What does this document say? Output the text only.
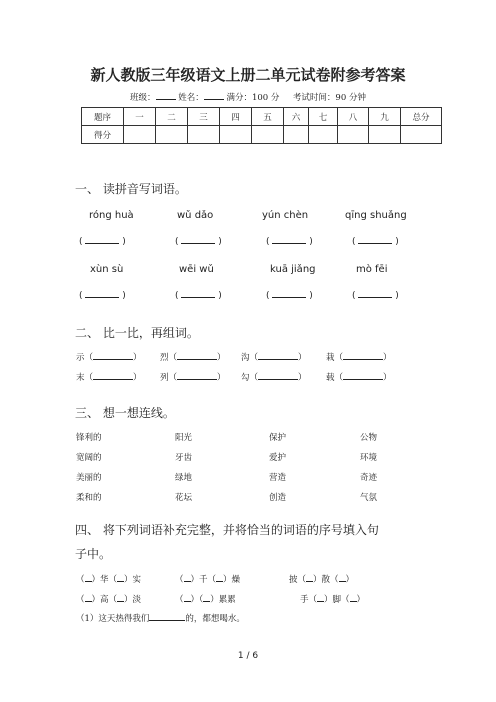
新人教版三年级语文上册二单元试卷附参考答案
班级：	姓名：	满分：100 分 考试时间：90 分钟
题序	一	二	三	四	五	六	七	八	九	总分
得分										
一、 读拼音写词语。
róng huà	wǔ dǎo	yún chèn	qīng shuǎng
(	)	(	)	(	)	(	)
xùn sù	wēi wǔ	kuā jiǎng	mò fēi
(	)	(	)	(	)	(	)
二、 比一比，再组词。
示（	） 烈（	） 沟（	） 栽（	）
末（	） 列（	） 勾（	） 载（	）
三、 想一想连线。
锋利的	阳光	保护	公物
宽阔的	牙齿	爱护	环境
美丽的	绿地	营造	奇迹
柔和的	花坛	创造	气氛
四、 将下列词语补充完整，并将恰当的词语的序号填入句
子中。
（ ）华（ ）实	（ ）千（ ）燥	披（ ）散（ ）
（ ）高（ ）淡	（ ）（ ）累累	手（ ）脚（ ）
（1）这天热得我们	的，都想喝水。
1 / 6
